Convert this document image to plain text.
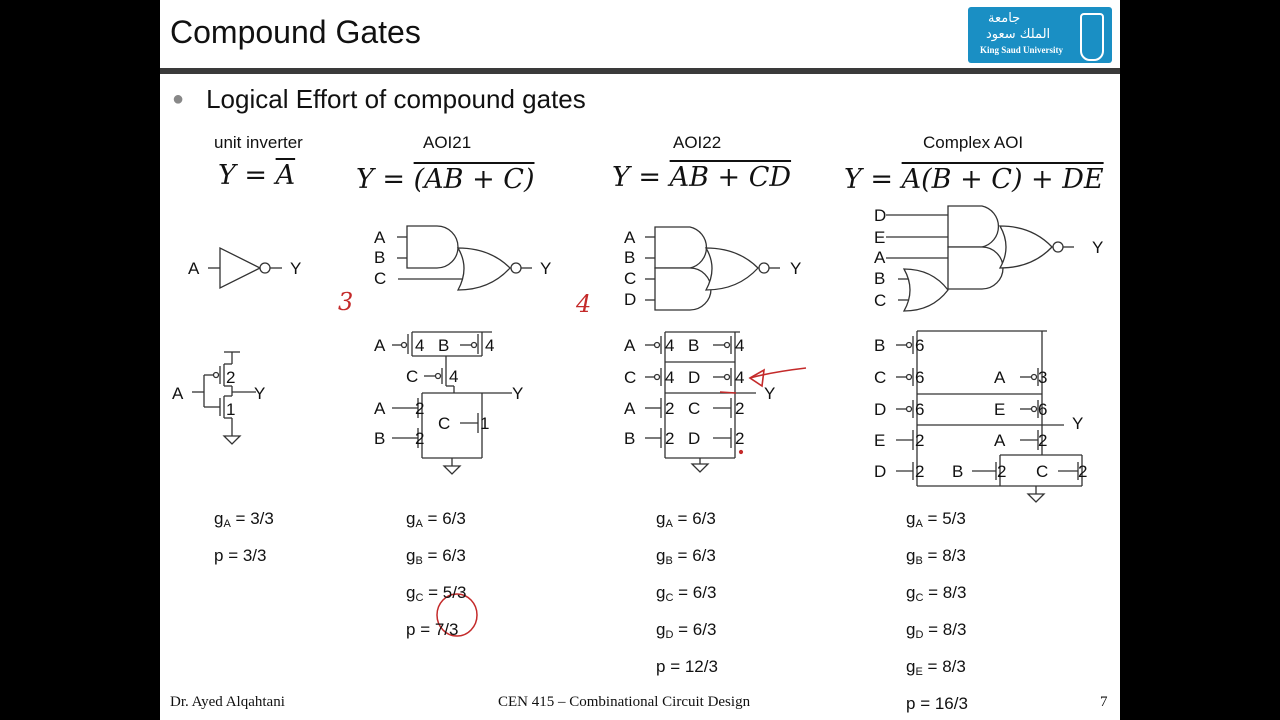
Compound Gates	جامعة
الملك سعود
King Saud University
● Logical Effort of compound gates
unit inverter	AOI21	AOI22	Complex AOI
$Y = \overline{A}$ Y = (AB + C)	Y = AB + CD Y = A(B + C) + DE
A	Y
A
B
C
Y
A
B
C
D
Y
D
E
A
B
C
Y
A	Y
2
1
A 4 B 4
C 4
Y
A 2
B 2
C 1
A 4 B 4
C 4 D 4
Y
A 2 C 2
B 2 D 2
B 6
C 6	A 3
D 6	E 6
Y
E 2	A 2
D 2 B 2 C 2
3	4
$g_A = 3/3$
p = 3/3
$g_A = 6/3$
$g_B = 6/3$
$g_C = 5/3$
p = 7/3
$g_A = 6/3$
$g_B = 6/3$
$g_C = 6/3$
$g_D = 6/3$
p = 12/3
$g_A = 5/3$
$g_B = 8/3$
$g_C = 8/3$
$g_D = 8/3$
$g_E = 8/3$
p = 16/3
Dr. Ayed Alqahtani	CEN 415 – Combinational Circuit Design	7
